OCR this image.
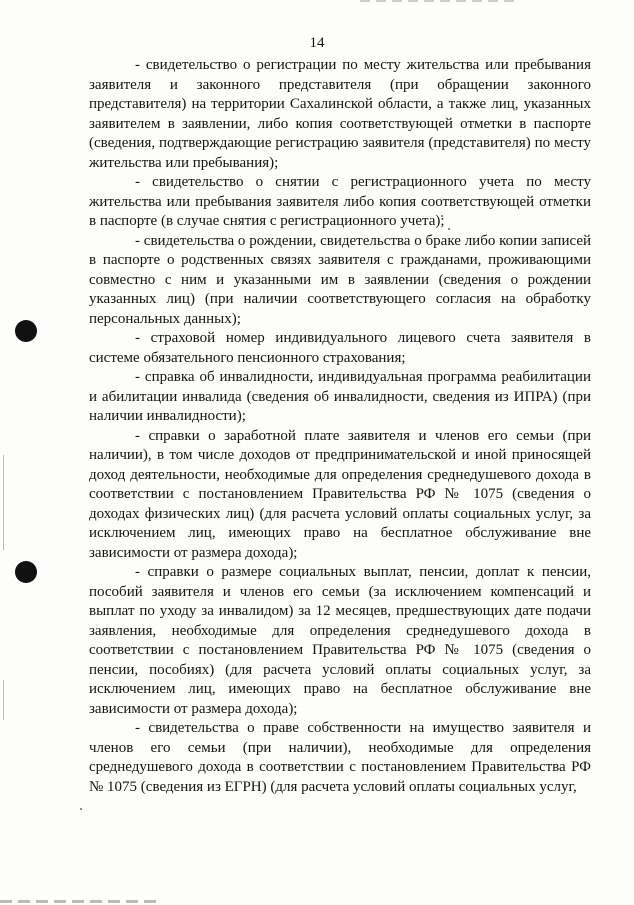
14

- свидетельство о регистрации по месту жительства или пребывания заявителя и законного представителя (при обращении законного представителя) на территории Сахалинской области, а также лиц, указанных заявителем в заявлении, либо копия соответствующей отметки в паспорте (сведения, подтверждающие регистрацию заявителя (представителя) по месту жительства или пребывания);

- свидетельство о снятии с регистрационного учета по месту жительства или пребывания заявителя либо копия соответствующей отметки в паспорте (в случае снятия с регистрационного учета);

- свидетельства о рождении, свидетельства о браке либо копии записей в паспорте о родственных связях заявителя с гражданами, проживающими совместно с ним и указанными им в заявлении (сведения о рождении указанных лиц) (при наличии соответствующего согласия на обработку персональных данных);

- страховой номер индивидуального лицевого счета заявителя в системе обязательного пенсионного страхования;

- справка об инвалидности, индивидуальная программа реабилитации и абилитации инвалида (сведения об инвалидности, сведения из ИПРА) (при наличии инвалидности);

- справки о заработной плате заявителя и членов его семьи (при наличии), в том числе доходов от предпринимательской и иной приносящей доход деятельности, необходимые для определения среднедушевого дохода в соответствии с постановлением Правительства РФ № 1075 (сведения о доходах физических лиц) (для расчета условий оплаты социальных услуг, за исключением лиц, имеющих право на бесплатное обслуживание вне зависимости от размера дохода);

- справки о размере социальных выплат, пенсии, доплат к пенсии, пособий заявителя и членов его семьи (за исключением компенсаций и выплат по уходу за инвалидом) за 12 месяцев, предшествующих дате подачи заявления, необходимые для определения среднедушевого дохода в соответствии с постановлением Правительства РФ № 1075 (сведения о пенсии, пособиях) (для расчета условий оплаты социальных услуг, за исключением лиц, имеющих право на бесплатное обслуживание вне зависимости от размера дохода);

- свидетельства о праве собственности на имущество заявителя и членов его семьи (при наличии), необходимые для определения среднедушевого дохода в соответствии с постановлением Правительства РФ № 1075 (сведения из ЕГРН) (для расчета условий оплаты социальных услуг,
